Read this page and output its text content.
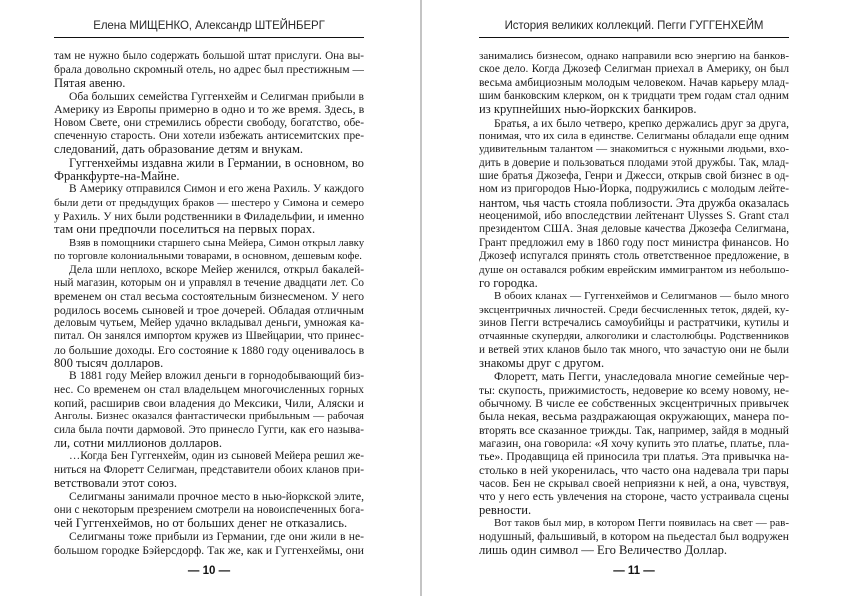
Елена МИЩЕНКО, Александр ШТЕЙНБЕРГ
там не нужно было содержать большой штат прислуги. Она вы-
брала довольно скромный отель, но адрес был престижным —
Пятая авеню.
Оба больших семейства Гуггенхейм и Селигман прибыли в
Америку из Европы примерно в одно и то же время. Здесь, в
Новом Свете, они стремились обрести свободу, богатство, обе-
спеченную старость. Они хотели избежать антисемитских пре-
следований, дать образование детям и внукам.
Гуггенхеймы издавна жили в Германии, в основном, во
Франкфурте-на-Майне.
В Америку отправился Симон и его жена Рахиль. У каждого
были дети от предыдущих браков — шестеро у Симона и семеро
у Рахиль. У них были родственники в Филадельфии, и именно
там они предпочли поселиться на первых порах.
Взяв в помощники старшего сына Мейера, Симон открыл лавку
по торговле колониальными товарами, в основном, дешевым кофе.
Дела шли неплохо, вскоре Мейер женился, открыл бакалей-
ный магазин, которым он и управлял в течение двадцати лет. Со
временем он стал весьма состоятельным бизнесменом. У него
родилось восемь сыновей и трое дочерей. Обладая отличным
деловым чутьем, Мейер удачно вкладывал деньги, умножая ка-
питал. Он занялся импортом кружев из Швейцарии, что принес-
ло большие доходы. Его состояние к 1880 году оценивалось в
800 тысяч долларов.
В 1881 году Мейер вложил деньги в горнодобывающий биз-
нес. Со временем он стал владельцем многочисленных горных
копий, расширив свои владения до Мексики, Чили, Аляски и
Анголы. Бизнес оказался фантастически прибыльным — рабочая
сила была почти дармовой. Это принесло Гугги, как его называ-
ли, сотни миллионов долларов.
…Когда Бен Гуггенхейм, один из сыновей Мейера решил же-
ниться на Флоретт Селигман, представители обоих кланов при-
ветствовали этот союз.
Селигманы занимали прочное место в нью-йоркской элите,
они с некоторым презрением смотрели на новоиспеченных бога-
чей Гуггенхеймов, но от больших денег не отказались.
Селигманы тоже прибыли из Германии, где они жили в не-
большом городке Бэйерсдорф. Так же, как и Гуггенхеймы, они
— 10 —
История великих коллекций. Пегги ГУГГЕНХЕЙМ
занимались бизнесом, однако направили всю энергию на банков-
ское дело. Когда Джозеф Селигман приехал в Америку, он был
весьма амбициозным молодым человеком. Начав карьеру млад-
шим банковским клерком, он к тридцати трем годам стал одним
из крупнейших нью-йоркских банкиров.
Братья, а их было четверо, крепко держались друг за друга,
понимая, что их сила в единстве. Селигманы обладали еще одним
удивительным талантом — знакомиться с нужными людьми, вхо-
дить в доверие и пользоваться плодами этой дружбы. Так, млад-
шие братья Джозефа, Генри и Джесси, открыв свой бизнес в од-
ном из пригородов Нью-Йорка, подружились с молодым лейте-
нантом, чья часть стояла поблизости. Эта дружба оказалась
неоценимой, ибо впоследствии лейтенант Ulysses S. Grant стал
президентом США. Зная деловые качества Джозефа Селигмана,
Грант предложил ему в 1860 году пост министра финансов. Но
Джозеф испугался принять столь ответственное предложение, в
душе он оставался робким еврейским иммигрантом из небольшо-
го городка.
В обоих кланах — Гуггенхеймов и Селигманов — было много
эксцентричных личностей. Среди бесчисленных теток, дядей, ку-
зинов Пегги встречались самоубийцы и растратчики, кутилы и
отчаянные скупердяи, алкоголики и сластолюбцы. Родственников
и ветвей этих кланов было так много, что зачастую они не были
знакомы друг с другом.
Флоретт, мать Пегги, унаследовала многие семейные чер-
ты: скупость, прижимистость, недоверие ко всему новому, не-
обычному. В числе ее собственных эксцентричных привычек
была некая, весьма раздражающая окружающих, манера по-
вторять все сказанное трижды. Так, например, зайдя в модный
магазин, она говорила: «Я хочу купить это платье, платье, пла-
тье». Продавщица ей приносила три платья. Эта привычка на-
столько в ней укоренилась, что часто она надевала три пары
часов. Бен не скрывал своей неприязни к ней, а она, чувствуя,
что у него есть увлечения на стороне, часто устраивала сцены
ревности.
Вот таков был мир, в котором Пегги появилась на свет — рав-
нодушный, фальшивый, в котором на пьедестал был водружен
лишь один символ — Его Величество Доллар.
— 11 —
